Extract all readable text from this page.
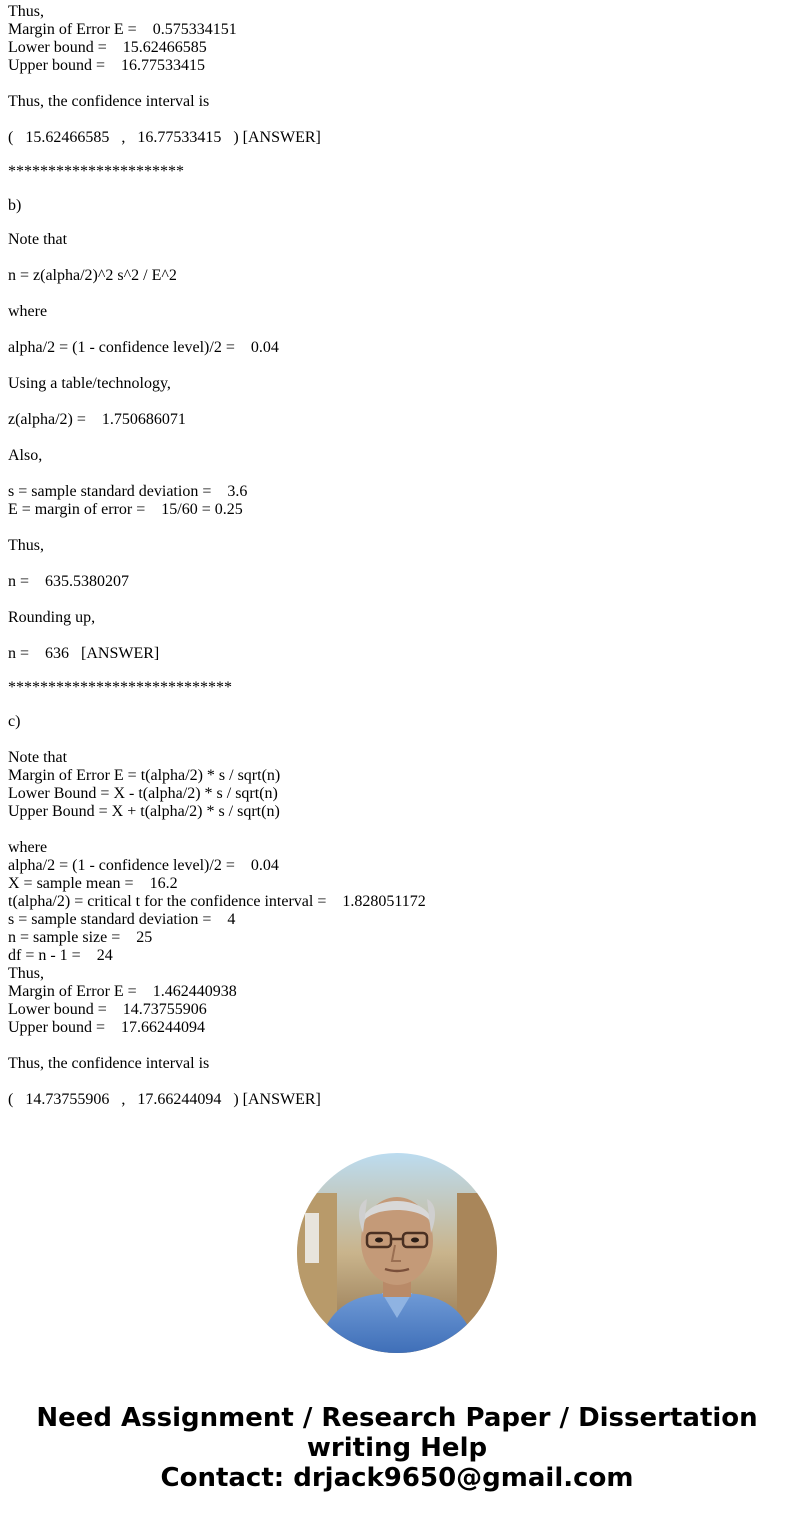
Thus,
Margin of Error E =    0.575334151
Lower bound =    15.62466585
Upper bound =    16.77533415
Thus, the confidence interval is
(   15.62466585   ,   16.77533415   ) [ANSWER]
**********************
b)
Note that
n = z(alpha/2)^2 s^2 / E^2
where
alpha/2 = (1 - confidence level)/2 =    0.04
Using a table/technology,
z(alpha/2) =    1.750686071
Also,
s = sample standard deviation =    3.6
E = margin of error =    15/60 = 0.25
Thus,
n =    635.5380207
Rounding up,
n =    636   [ANSWER]
****************************
c)
Note that
Margin of Error E = t(alpha/2) * s / sqrt(n)
Lower Bound = X - t(alpha/2) * s / sqrt(n)
Upper Bound = X + t(alpha/2) * s / sqrt(n)
where
alpha/2 = (1 - confidence level)/2 =    0.04
X = sample mean =    16.2
t(alpha/2) = critical t for the confidence interval =    1.828051172
s = sample standard deviation =    4
n = sample size =    25
df = n - 1 =    24
Thus,
Margin of Error E =    1.462440938
Lower bound =    14.73755906
Upper bound =    17.66244094
Thus, the confidence interval is
(   14.73755906   ,   17.66244094   ) [ANSWER]
Need Assignment / Research Paper / Dissertation
writing Help
Contact: drjack9650@gmail.com
